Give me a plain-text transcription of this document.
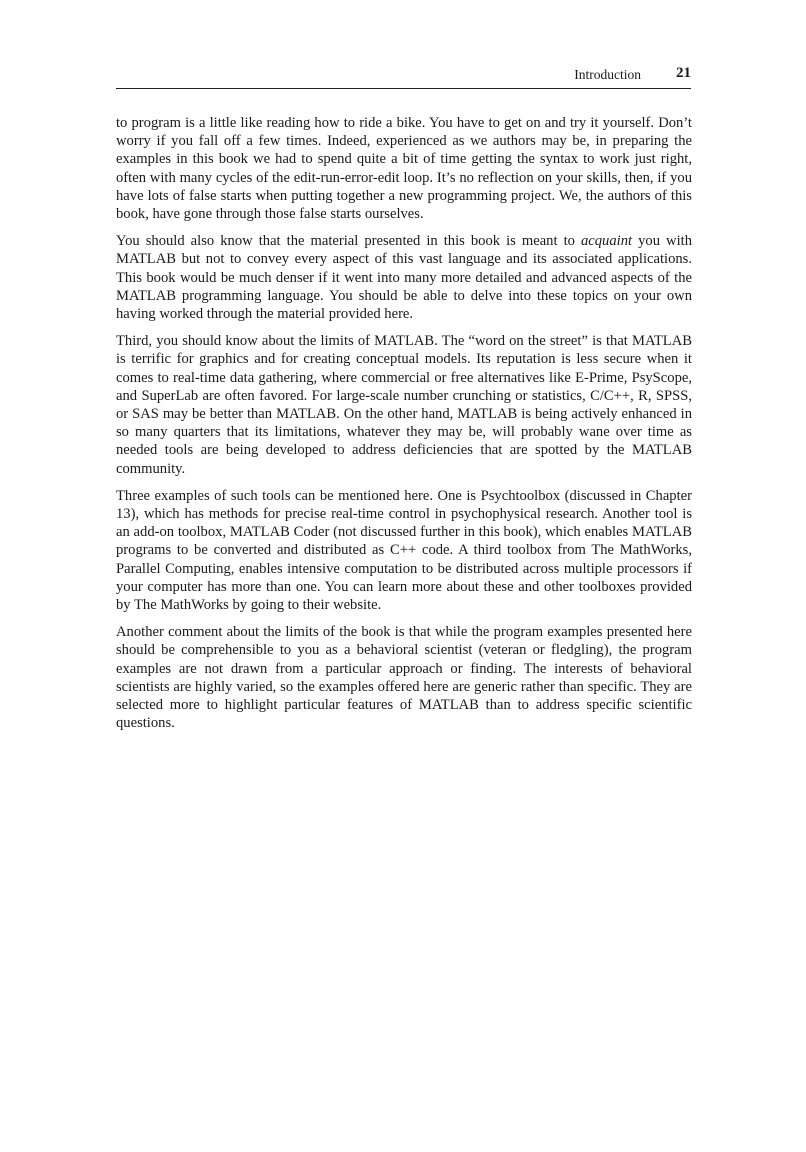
Introduction 21

to program is a little like reading how to ride a bike. You have to get on and try it yourself. Don’t worry if you fall off a few times. Indeed, experienced as we authors may be, in preparing the examples in this book we had to spend quite a bit of time getting the syntax to work just right, often with many cycles of the edit-run-error-edit loop. It’s no reflection on your skills, then, if you have lots of false starts when putting together a new programming project. We, the authors of this book, have gone through those false starts ourselves.

You should also know that the material presented in this book is meant to acquaint you with MATLAB but not to convey every aspect of this vast language and its associated applications. This book would be much denser if it went into many more detailed and advanced aspects of the MATLAB programming language. You should be able to delve into these topics on your own having worked through the material provided here.

Third, you should know about the limits of MATLAB. The “word on the street” is that MATLAB is terrific for graphics and for creating conceptual models. Its reputation is less secure when it comes to real-time data gathering, where commercial or free alternatives like E-Prime, PsyScope, and SuperLab are often favored. For large-scale number crunching or statistics, C/C++, R, SPSS, or SAS may be better than MATLAB. On the other hand, MATLAB is being actively enhanced in so many quarters that its limitations, whatever they may be, will probably wane over time as needed tools are being developed to address deficiencies that are spotted by the MATLAB community.

Three examples of such tools can be mentioned here. One is Psychtoolbox (discussed in Chapter 13), which has methods for precise real-time control in psychophysical research. Another tool is an add-on toolbox, MATLAB Coder (not discussed further in this book), which enables MATLAB programs to be converted and distributed as C++ code. A third toolbox from The MathWorks, Parallel Computing, enables intensive computation to be distributed across multiple processors if your computer has more than one. You can learn more about these and other toolboxes provided by The MathWorks by going to their website.

Another comment about the limits of the book is that while the program examples presented here should be comprehensible to you as a behavioral scientist (veteran or fledgling), the program examples are not drawn from a particular approach or finding. The interests of behavioral scientists are highly varied, so the examples offered here are generic rather than specific. They are selected more to highlight particular features of MATLAB than to address specific scientific questions.
